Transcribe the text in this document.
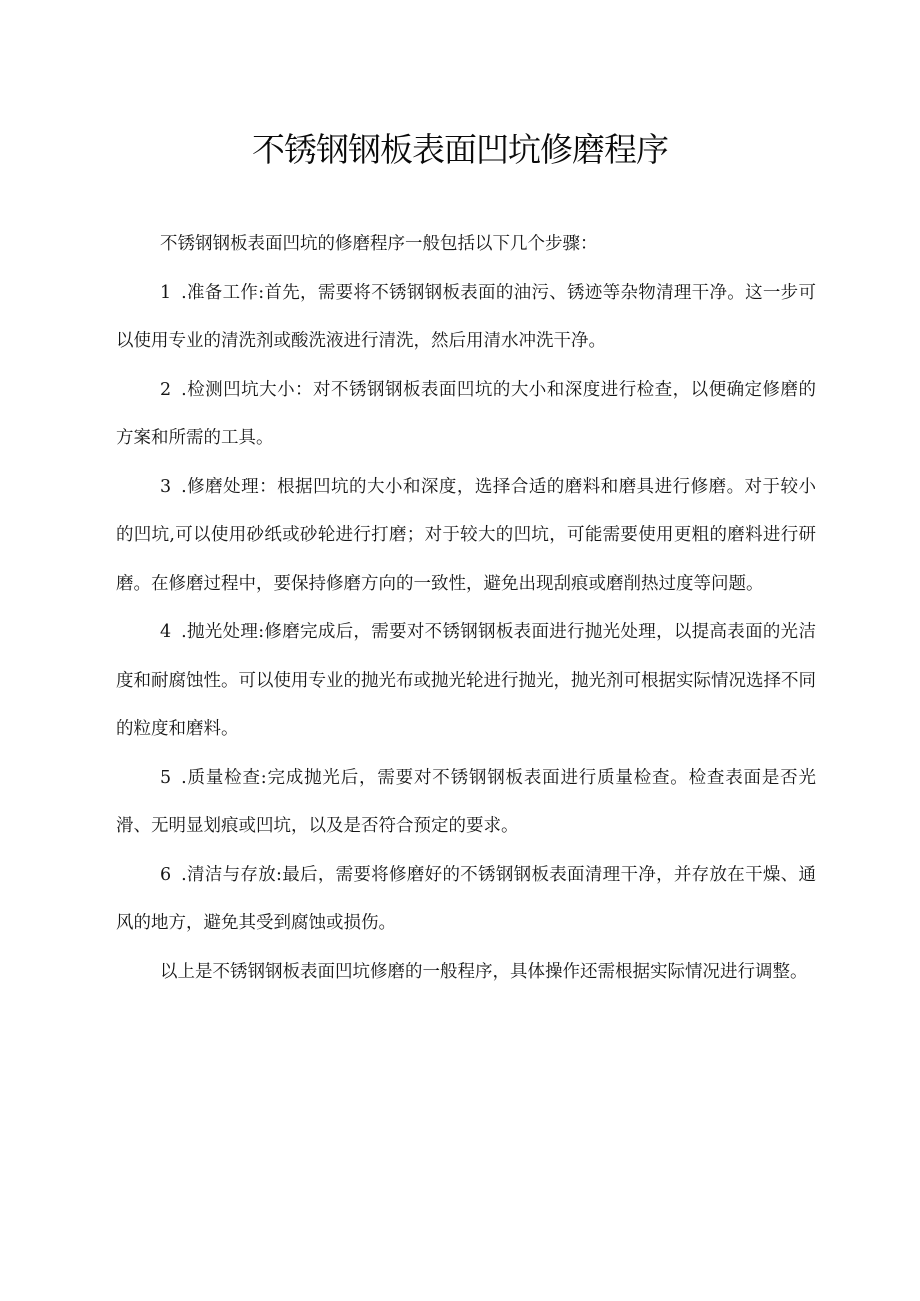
不锈钢钢板表面凹坑修磨程序

不锈钢钢板表面凹坑的修磨程序一般包括以下几个步骤：

1 .准备工作:首先，需要将不锈钢钢板表面的油污、锈迹等杂物清理干净。这一步可以使用专业的清洗剂或酸洗液进行清洗，然后用清水冲洗干净。

2 .检测凹坑大小：对不锈钢钢板表面凹坑的大小和深度进行检查，以便确定修磨的方案和所需的工具。

3 .修磨处理：根据凹坑的大小和深度，选择合适的磨料和磨具进行修磨。对于较小的凹坑,可以使用砂纸或砂轮进行打磨；对于较大的凹坑，可能需要使用更粗的磨料进行研磨。在修磨过程中，要保持修磨方向的一致性，避免出现刮痕或磨削热过度等问题。

4 .抛光处理:修磨完成后，需要对不锈钢钢板表面进行抛光处理，以提高表面的光洁度和耐腐蚀性。可以使用专业的抛光布或抛光轮进行抛光，抛光剂可根据实际情况选择不同的粒度和磨料。

5 .质量检查:完成抛光后，需要对不锈钢钢板表面进行质量检查。检查表面是否光滑、无明显划痕或凹坑，以及是否符合预定的要求。

6 .清洁与存放:最后，需要将修磨好的不锈钢钢板表面清理干净，并存放在干燥、通风的地方，避免其受到腐蚀或损伤。

以上是不锈钢钢板表面凹坑修磨的一般程序，具体操作还需根据实际情况进行调整。
